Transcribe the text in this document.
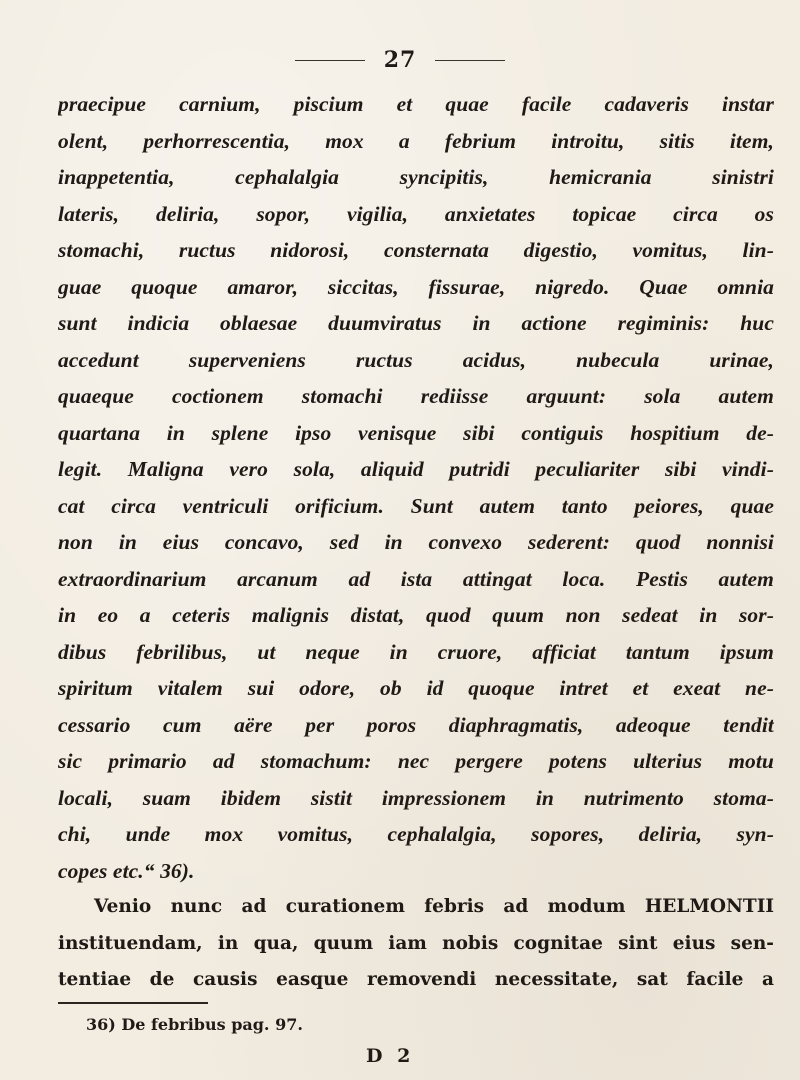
27
praecipue carnium, piscium et quae facile cadaveris instar
olent, perhorrescentia, mox a febrium introitu, sitis item,
inappetentia, cephalalgia syncipitis, hemicrania sinistri
lateris, deliria, sopor, vigilia, anxietates topicae circa os
stomachi, ructus nidorosi, consternata digestio, vomitus, lin-
guae quoque amaror, siccitas, fissurae, nigredo. Quae omnia
sunt indicia oblaesae duumviratus in actione regiminis: huc
accedunt superveniens ructus acidus, nubecula urinae,
quaeque coctionem stomachi rediisse arguunt: sola autem
quartana in splene ipso venisque sibi contiguis hospitium de-
legit. Maligna vero sola, aliquid putridi peculiariter sibi vindi-
cat circa ventriculi orificium. Sunt autem tanto peiores, quae
non in eius concavo, sed in convexo sederent: quod nonnisi
extraordinarium arcanum ad ista attingat loca. Pestis autem
in eo a ceteris malignis distat, quod quum non sedeat in sor-
dibus febrilibus, ut neque in cruore, afficiat tantum ipsum
spiritum vitalem sui odore, ob id quoque intret et exeat ne-
cessario cum aëre per poros diaphragmatis, adeoque tendit
sic primario ad stomachum: nec pergere potens ulterius motu
locali, suam ibidem sistit impressionem in nutrimento stoma-
chi, unde mox vomitus, cephalalgia, sopores, deliria, syn-
copes etc.“ 36).
Venio nunc ad curationem febris ad modum HELMONTII
instituendam, in qua, quum iam nobis cognitae sint eius sen-
tentiae de causis easque removendi necessitate, sat facile a
36) De febribus pag. 97.
D 2
